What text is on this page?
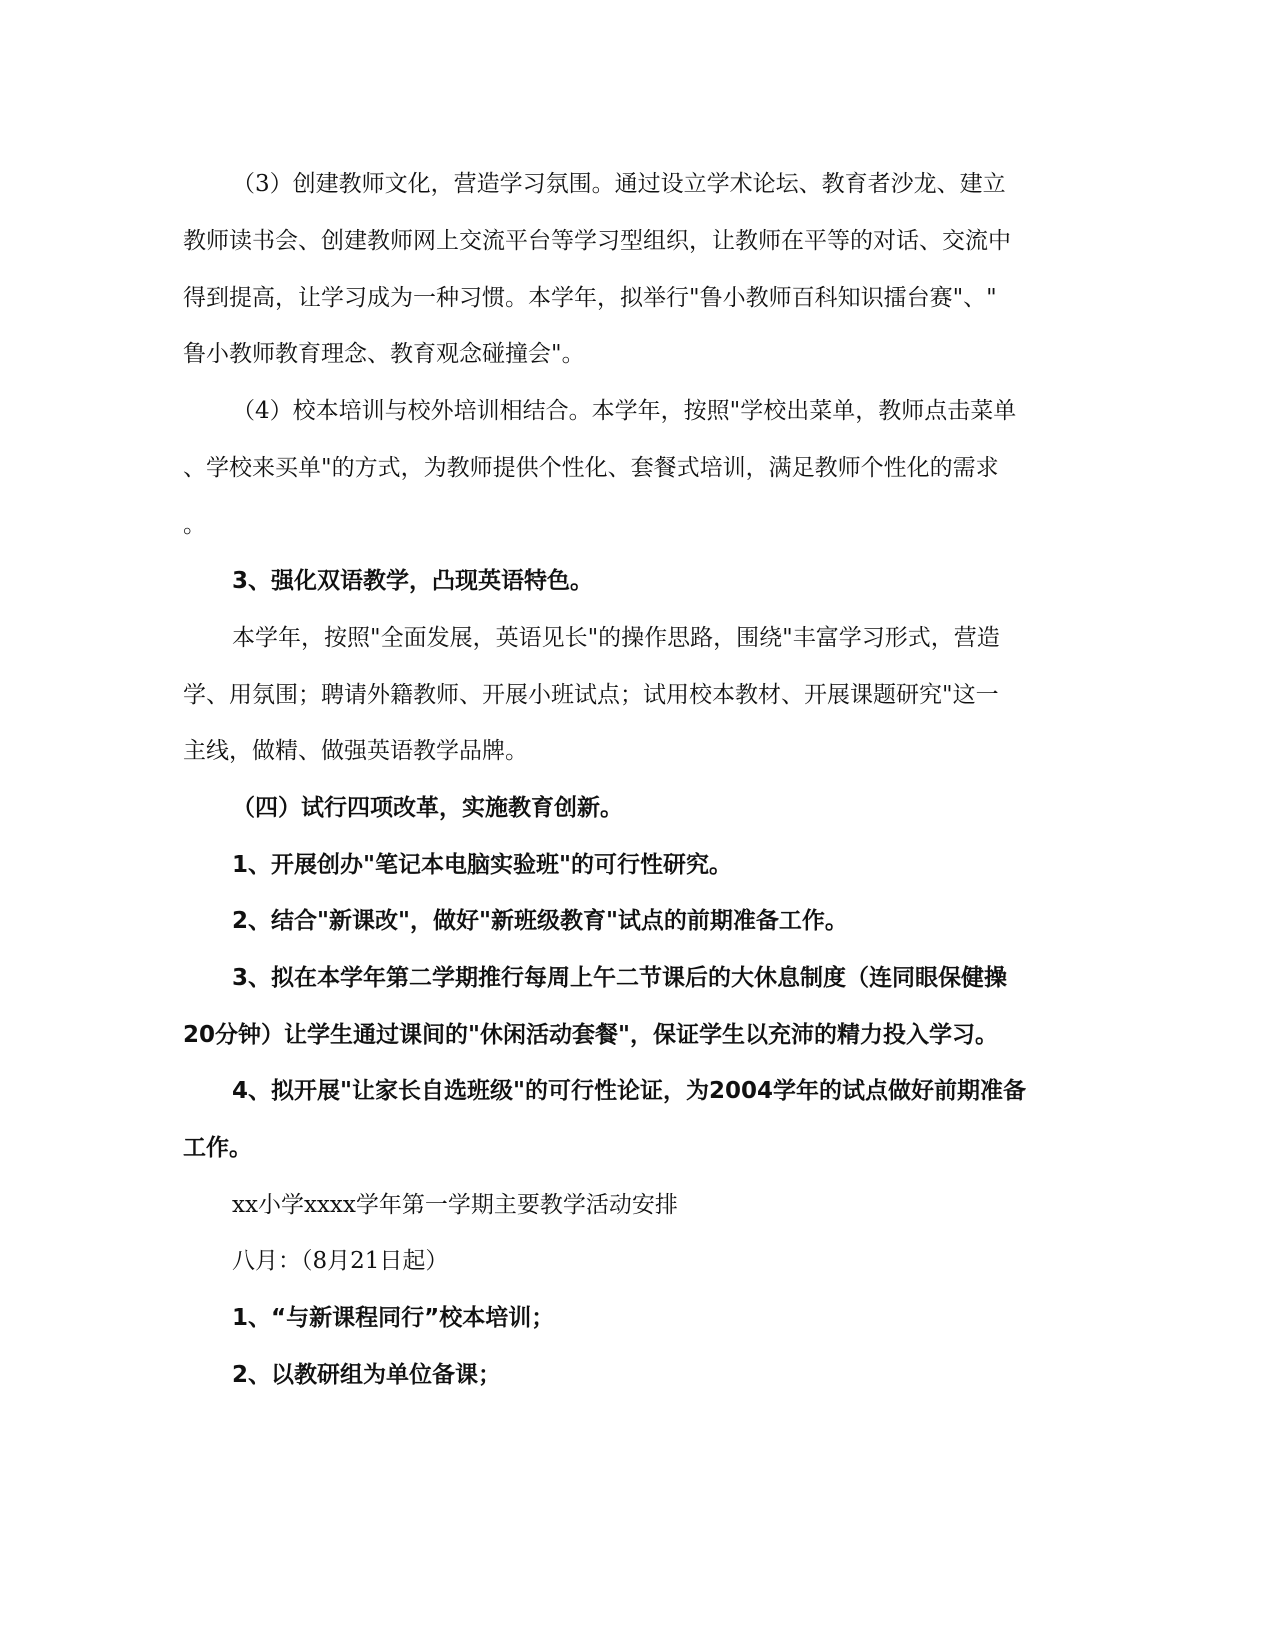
（3）创建教师文化，营造学习氛围。通过设立学术论坛、教育者沙龙、建立
教师读书会、创建教师网上交流平台等学习型组织，让教师在平等的对话、交流中
得到提高，让学习成为一种习惯。本学年，拟举行"鲁小教师百科知识擂台赛"、"
鲁小教师教育理念、教育观念碰撞会"。
（4）校本培训与校外培训相结合。本学年，按照"学校出菜单，教师点击菜单
、学校来买单"的方式，为教师提供个性化、套餐式培训，满足教师个性化的需求
。
3、强化双语教学，凸现英语特色。
本学年，按照"全面发展，英语见长"的操作思路，围绕"丰富学习形式，营造
学、用氛围；聘请外籍教师、开展小班试点；试用校本教材、开展课题研究"这一
主线，做精、做强英语教学品牌。
（四）试行四项改革，实施教育创新。
1、开展创办"笔记本电脑实验班"的可行性研究。
2、结合"新课改"，做好"新班级教育"试点的前期准备工作。
3、拟在本学年第二学期推行每周上午二节课后的大休息制度（连同眼保健操
20分钟）让学生通过课间的"休闲活动套餐"，保证学生以充沛的精力投入学习。
4、拟开展"让家长自选班级"的可行性论证，为2004学年的试点做好前期准备
工作。
xx小学xxxx学年第一学期主要教学活动安排
八月：（8月21日起）
1、“与新课程同行”校本培训；
2、以教研组为单位备课；
